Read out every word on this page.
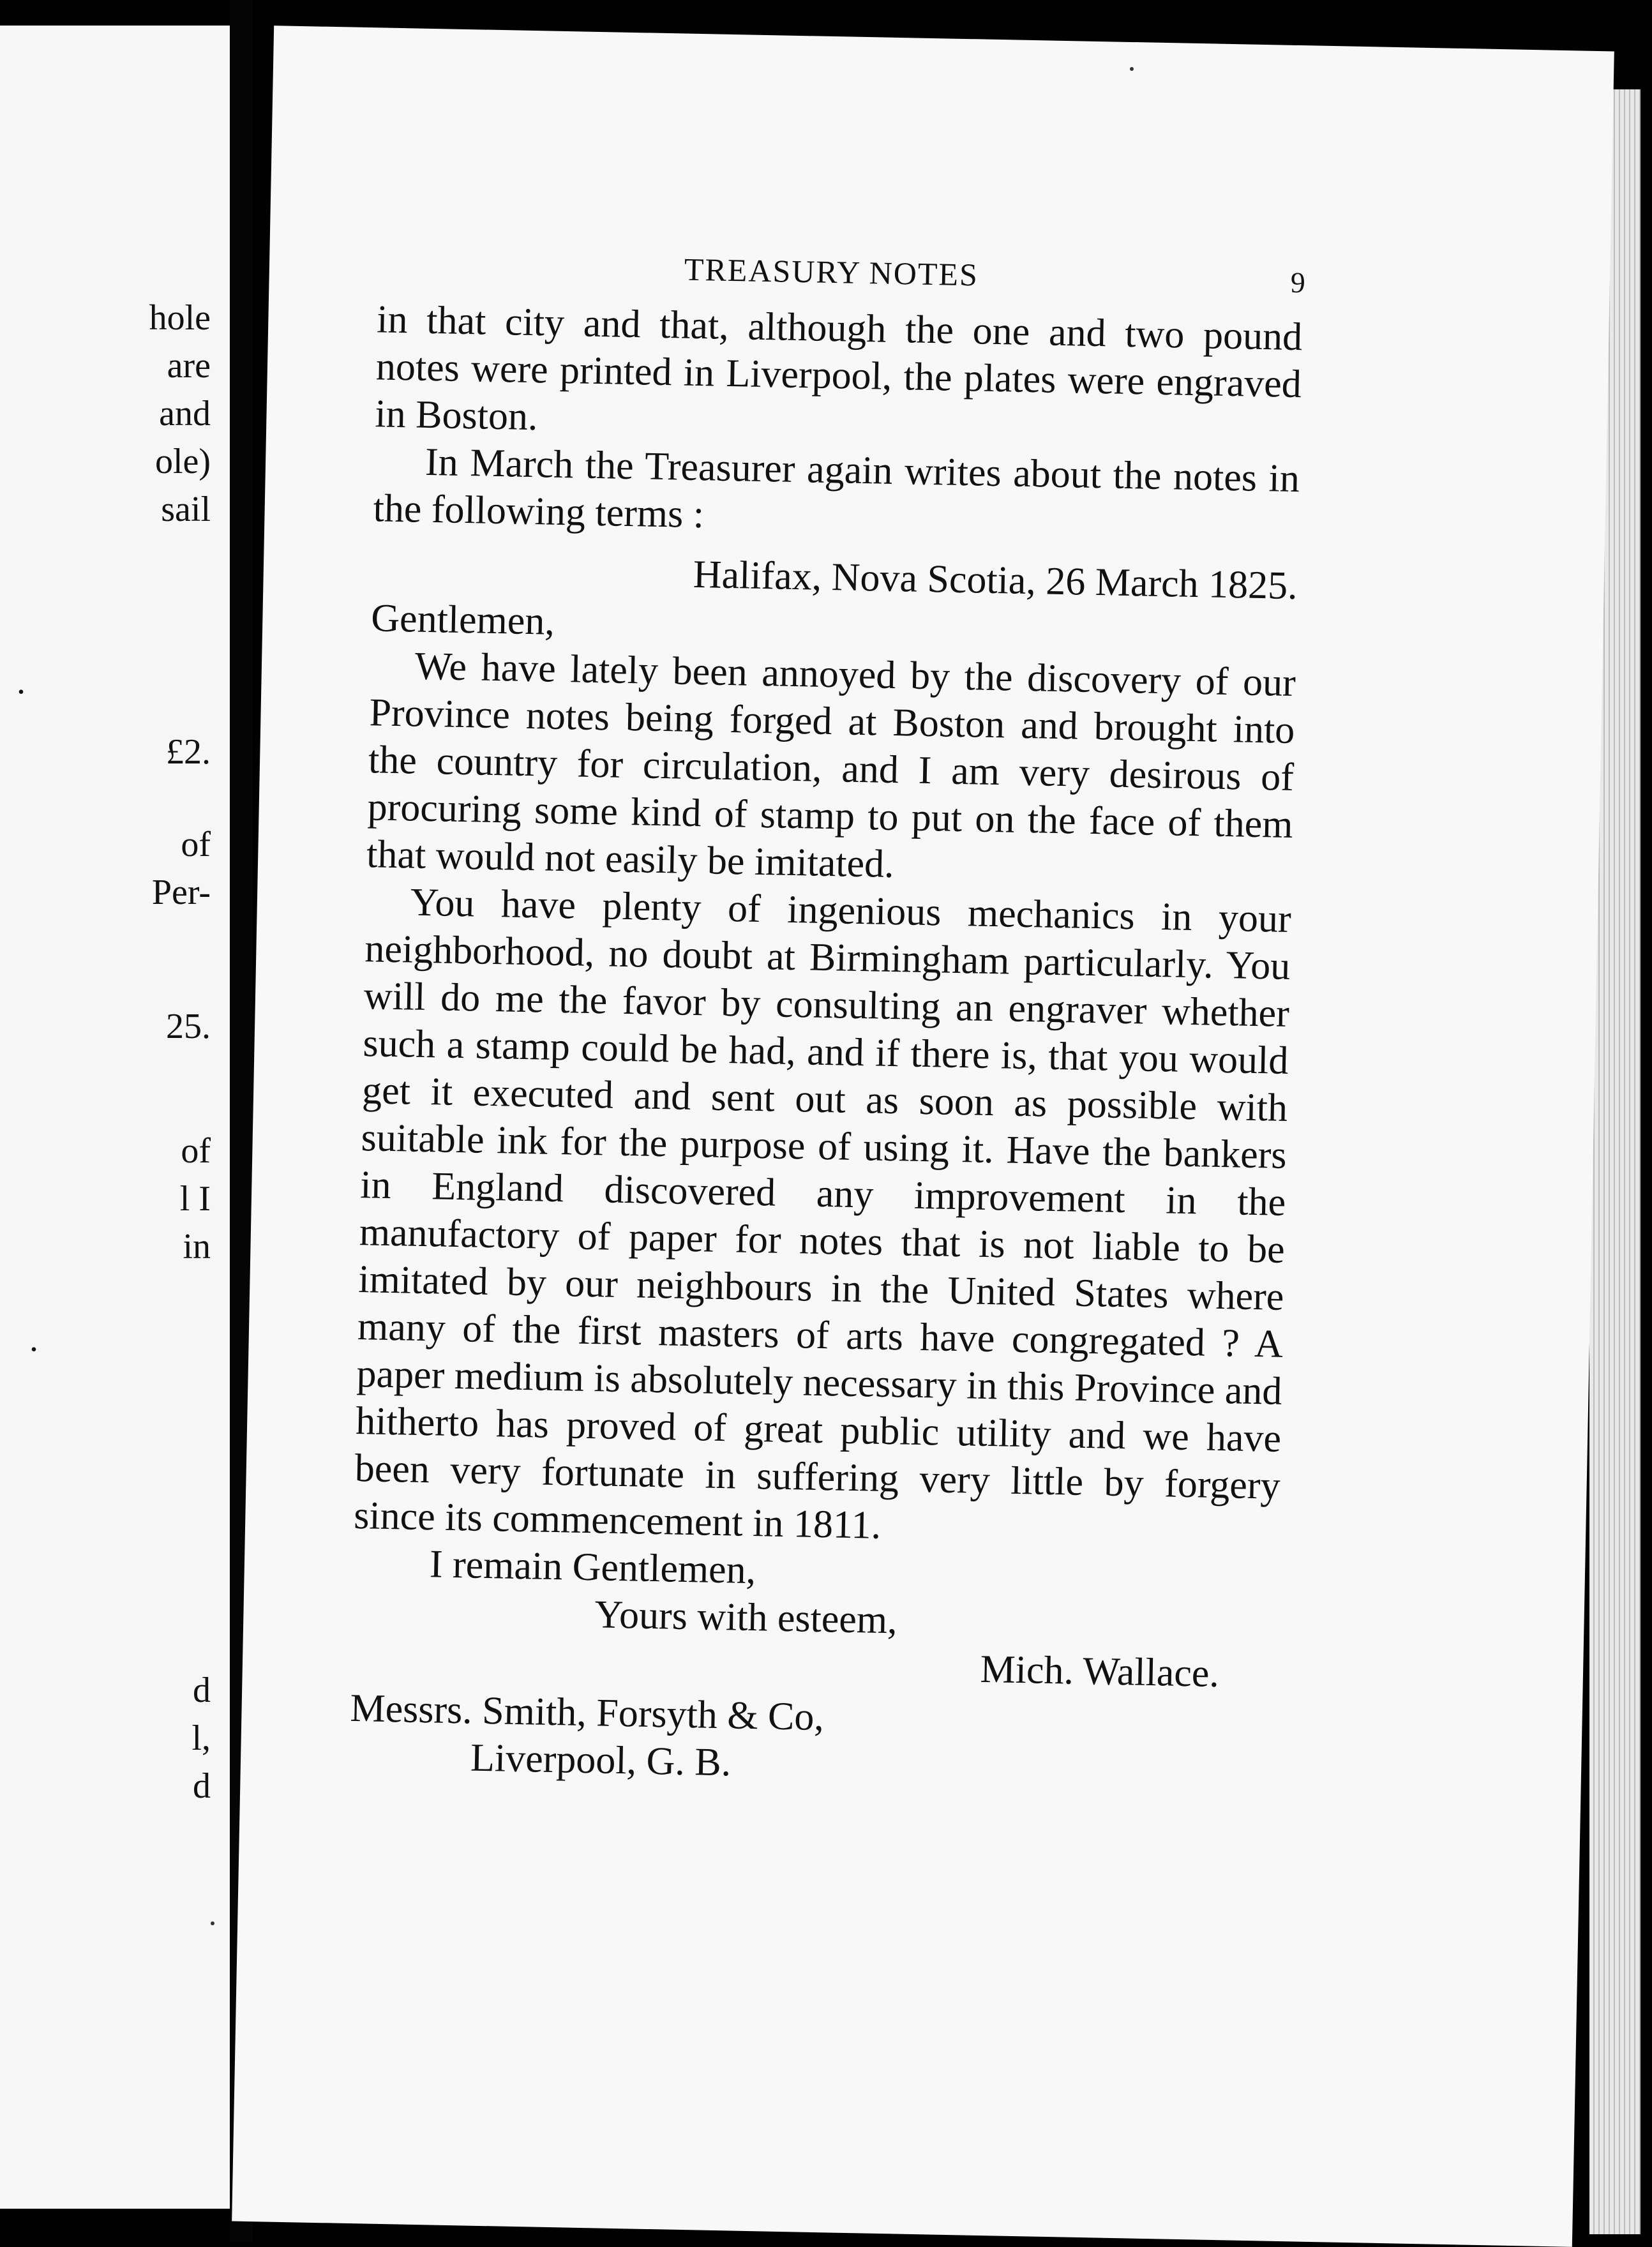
hole
are
and
ole)
sail
.
£2.
of
Per-
25.
of
l I
in
.
d
l,
d
TREASURY NOTES	9

in that city and that, although the one and two pound notes were printed in Liverpool, the plates were engraved in Boston.

In March the Treasurer again writes about the notes in the following terms :

Halifax, Nova Scotia, 26 March 1825.

Gentlemen,

We have lately been annoyed by the discovery of our Province notes being forged at Boston and brought into the country for circulation, and I am very desirous of procuring some kind of stamp to put on the face of them that would not easily be imitated.

You have plenty of ingenious mechanics in your neighborhood, no doubt at Birmingham particularly. You will do me the favor by consulting an engraver whether such a stamp could be had, and if there is, that you would get it executed and sent out as soon as possible with suitable ink for the purpose of using it. Have the bankers in England discovered any improvement in the manufactory of paper for notes that is not liable to be imitated by our neighbours in the United States where many of the first masters of arts have congregated ? A paper medium is absolutely necessary in this Province and hitherto has proved of great public utility and we have been very fortunate in suffering very little by forgery since its commencement in 1811.

I remain Gentlemen,

Yours with esteem,

Mich. Wallace.

Messrs. Smith, Forsyth & Co,

Liverpool, G. B.
